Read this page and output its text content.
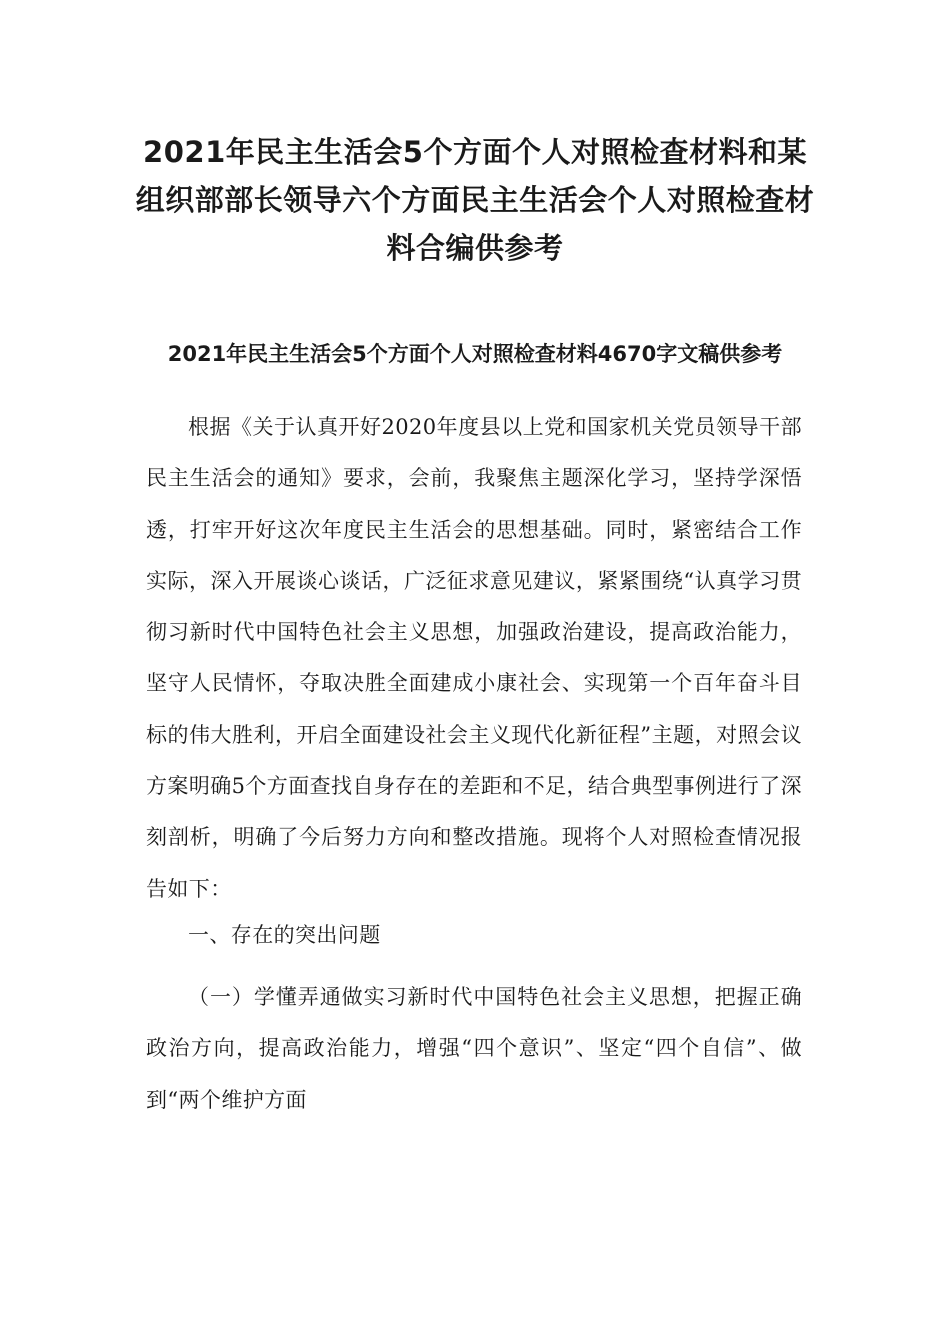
2021年民主生活会5个方面个人对照检查材料和某组织部部长领导六个方面民主生活会个人对照检查材料合编供参考
2021年民主生活会5个方面个人对照检查材料4670字文稿供参考

根据《关于认真开好2020年度县以上党和国家机关党员领导干部民主生活会的通知》要求，会前，我聚焦主题深化学习，坚持学深悟透，打牢开好这次年度民主生活会的思想基础。同时，紧密结合工作实际，深入开展谈心谈话，广泛征求意见建议，紧紧围绕“认真学习贯彻习新时代中国特色社会主义思想，加强政治建设，提高政治能力，坚守人民情怀，夺取决胜全面建成小康社会、实现第一个百年奋斗目标的伟大胜利，开启全面建设社会主义现代化新征程”主题，对照会议方案明确5个方面查找自身存在的差距和不足，结合典型事例进行了深刻剖析，明确了今后努力方向和整改措施。现将个人对照检查情况报告如下：

一、存在的突出问题

（一）学懂弄通做实习新时代中国特色社会主义思想，把握正确政治方向，提高政治能力，增强“四个意识”、坚定“四个自信”、做到“两个维护方面
